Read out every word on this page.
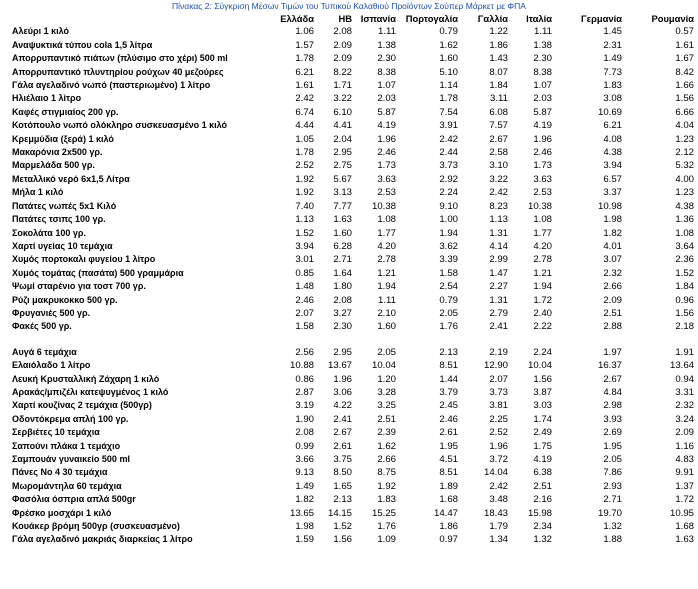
Πίνακας 2: Σύγκριση Μέσων Τιμών του Τυπικού Καλαθιού Προϊόντων Σούπερ Μάρκετ με ΦΠΑ
	Ελλάδα	ΗΒ	Ισπανία	Πορτογαλία	Γαλλία	Ιταλία	Γερμανία	Ρουμανία
Αλεύρι 1 κιλό	1.06	2.08	1.11	0.79	1.22	1.11	1.45	0.57
Αναψυκτικά τύπου cola 1,5 λίτρα	1.57	2.09	1.38	1.62	1.86	1.38	2.31	1.61
Απορρυπαντικό πιάτων (πλύσιμο στο χέρι) 500 ml	1.78	2.09	2.30	1.60	1.43	2.30	1.49	1.67
Απορρυπαντικό πλυντηρίου ρούχων 40 μεζούρες	6.21	8.22	8.38	5.10	8.07	8.38	7.73	8.42
Γάλα αγελαδινό νωπό (παστεριωμένο) 1 λίτρο	1.61	1.71	1.07	1.14	1.84	1.07	1.83	1.66
Ηλιέλαιο 1 λίτρο	2.42	3.22	2.03	1.78	3.11	2.03	3.08	1.56
Καφές στιγμιαίος 200 γρ.	6.74	6.10	5.87	7.54	6.08	5.87	10.69	6.66
Κοτόπουλο νωπό ολόκληρο συσκευασμένο 1 κιλό	4.44	4.41	4.19	3.91	7.57	4.19	6.21	4.04
Κρεμμύδια (ξερά) 1 κιλό	1.05	2.04	1.96	2.42	2.67	1.96	4.08	1.23
Μακαρόνια 2x500 γρ.	1.78	2.95	2.46	2.44	2.58	2.46	4.38	2.12
Μαρμελάδα 500 γρ.	2.52	2.75	1.73	3.73	3.10	1.73	3.94	5.32
Μεταλλικό νερό 6x1,5 Λίτρα	1.92	5.67	3.63	2.92	3.22	3.63	6.57	4.00
Μήλα 1 κιλό	1.92	3.13	2.53	2.24	2.42	2.53	3.37	1.23
Πατάτες νωπές 5x1 Κιλό	7.40	7.77	10.38	9.10	8.23	10.38	10.98	4.38
Πατάτες τσιπς 100 γρ.	1.13	1.63	1.08	1.00	1.13	1.08	1.98	1.36
Σοκολάτα 100 γρ.	1.52	1.60	1.77	1.94	1.31	1.77	1.82	1.08
Χαρτί υγείας 10 τεμάχια	3.94	6.28	4.20	3.62	4.14	4.20	4.01	3.64
Χυμός πορτοκαλι φυγείου 1 λίτρο	3.01	2.71	2.78	3.39	2.99	2.78	3.07	2.36
Χυμός τομάτας (πασάτα) 500 γραμμάρια	0.85	1.64	1.21	1.58	1.47	1.21	2.32	1.52
Ψωμί σταρένιο για τοστ 700 γρ.	1.48	1.80	1.94	2.54	2.27	1.94	2.66	1.84
Ρύζι μακρυκοκκο 500 γρ.	2.46	2.08	1.11	0.79	1.31	1.72	2.09	0.96
Φρυγανιές 500 γρ.	2.07	3.27	2.10	2.05	2.79	2.40	2.51	1.56
Φακές 500 γρ.	1.58	2.30	1.60	1.76	2.41	2.22	2.88	2.18

Αυγά 6 τεμάχια	2.56	2.95	2.05	2.13	2.19	2.24	1.97	1.91
Ελαιόλαδο 1 λίτρο	10.88	13.67	10.04	8.51	12.90	10.04	16.37	13.64
Λευκή Κρυσταλλική Ζάχαρη 1 κιλό	0.86	1.96	1.20	1.44	2.07	1.56	2.67	0.94
Αρακάς/μπιζέλι κατεψυγμένος 1 κιλό	2.87	3.06	3.28	3.79	3.73	3.87	4.84	3.31
Χαρτί κουζίνας 2 τεμάχια (500γρ)	3.19	4.22	3.25	2.45	3.81	3.03	2.98	2.32
Οδοντόκρεμα απλή 100 γρ.	1.90	2.41	2.51	2.46	2.25	1.74	3.93	3.24
Σερβιέτες 10 τεμάχια	2.08	2.67	2.39	2.61	2.52	2.49	2.69	2.09
Σαπούνι πλάκα 1 τεμάχιο	0.99	2.61	1.62	1.95	1.96	1.75	1.95	1.16
Σαμπουάν γυναικείο 500 ml	3.66	3.75	2.66	4.51	3.72	4.19	2.05	4.83
Πάνες No 4 30 τεμάχια	9.13	8.50	8.75	8.51	14.04	6.38	7.86	9.91
Μωρομάντηλα 60 τεμάχια	1.49	1.65	1.92	1.89	2.42	2.51	2.93	1.37
Φασόλια όσπρια απλά 500gr	1.82	2.13	1.83	1.68	3.48	2.16	2.71	1.72
Φρέσκο μοσχάρι 1 κιλό	13.65	14.15	15.25	14.47	18.43	15.98	19.70	10.95
Κουάκερ βρόμη 500γρ (συσκευασμένο)	1.98	1.52	1.76	1.86	1.79	2.34	1.32	1.68
Γάλα αγελαδινό μακριάς διαρκείας 1 λίτρο	1.59	1.56	1.09	0.97	1.34	1.32	1.88	1.63
